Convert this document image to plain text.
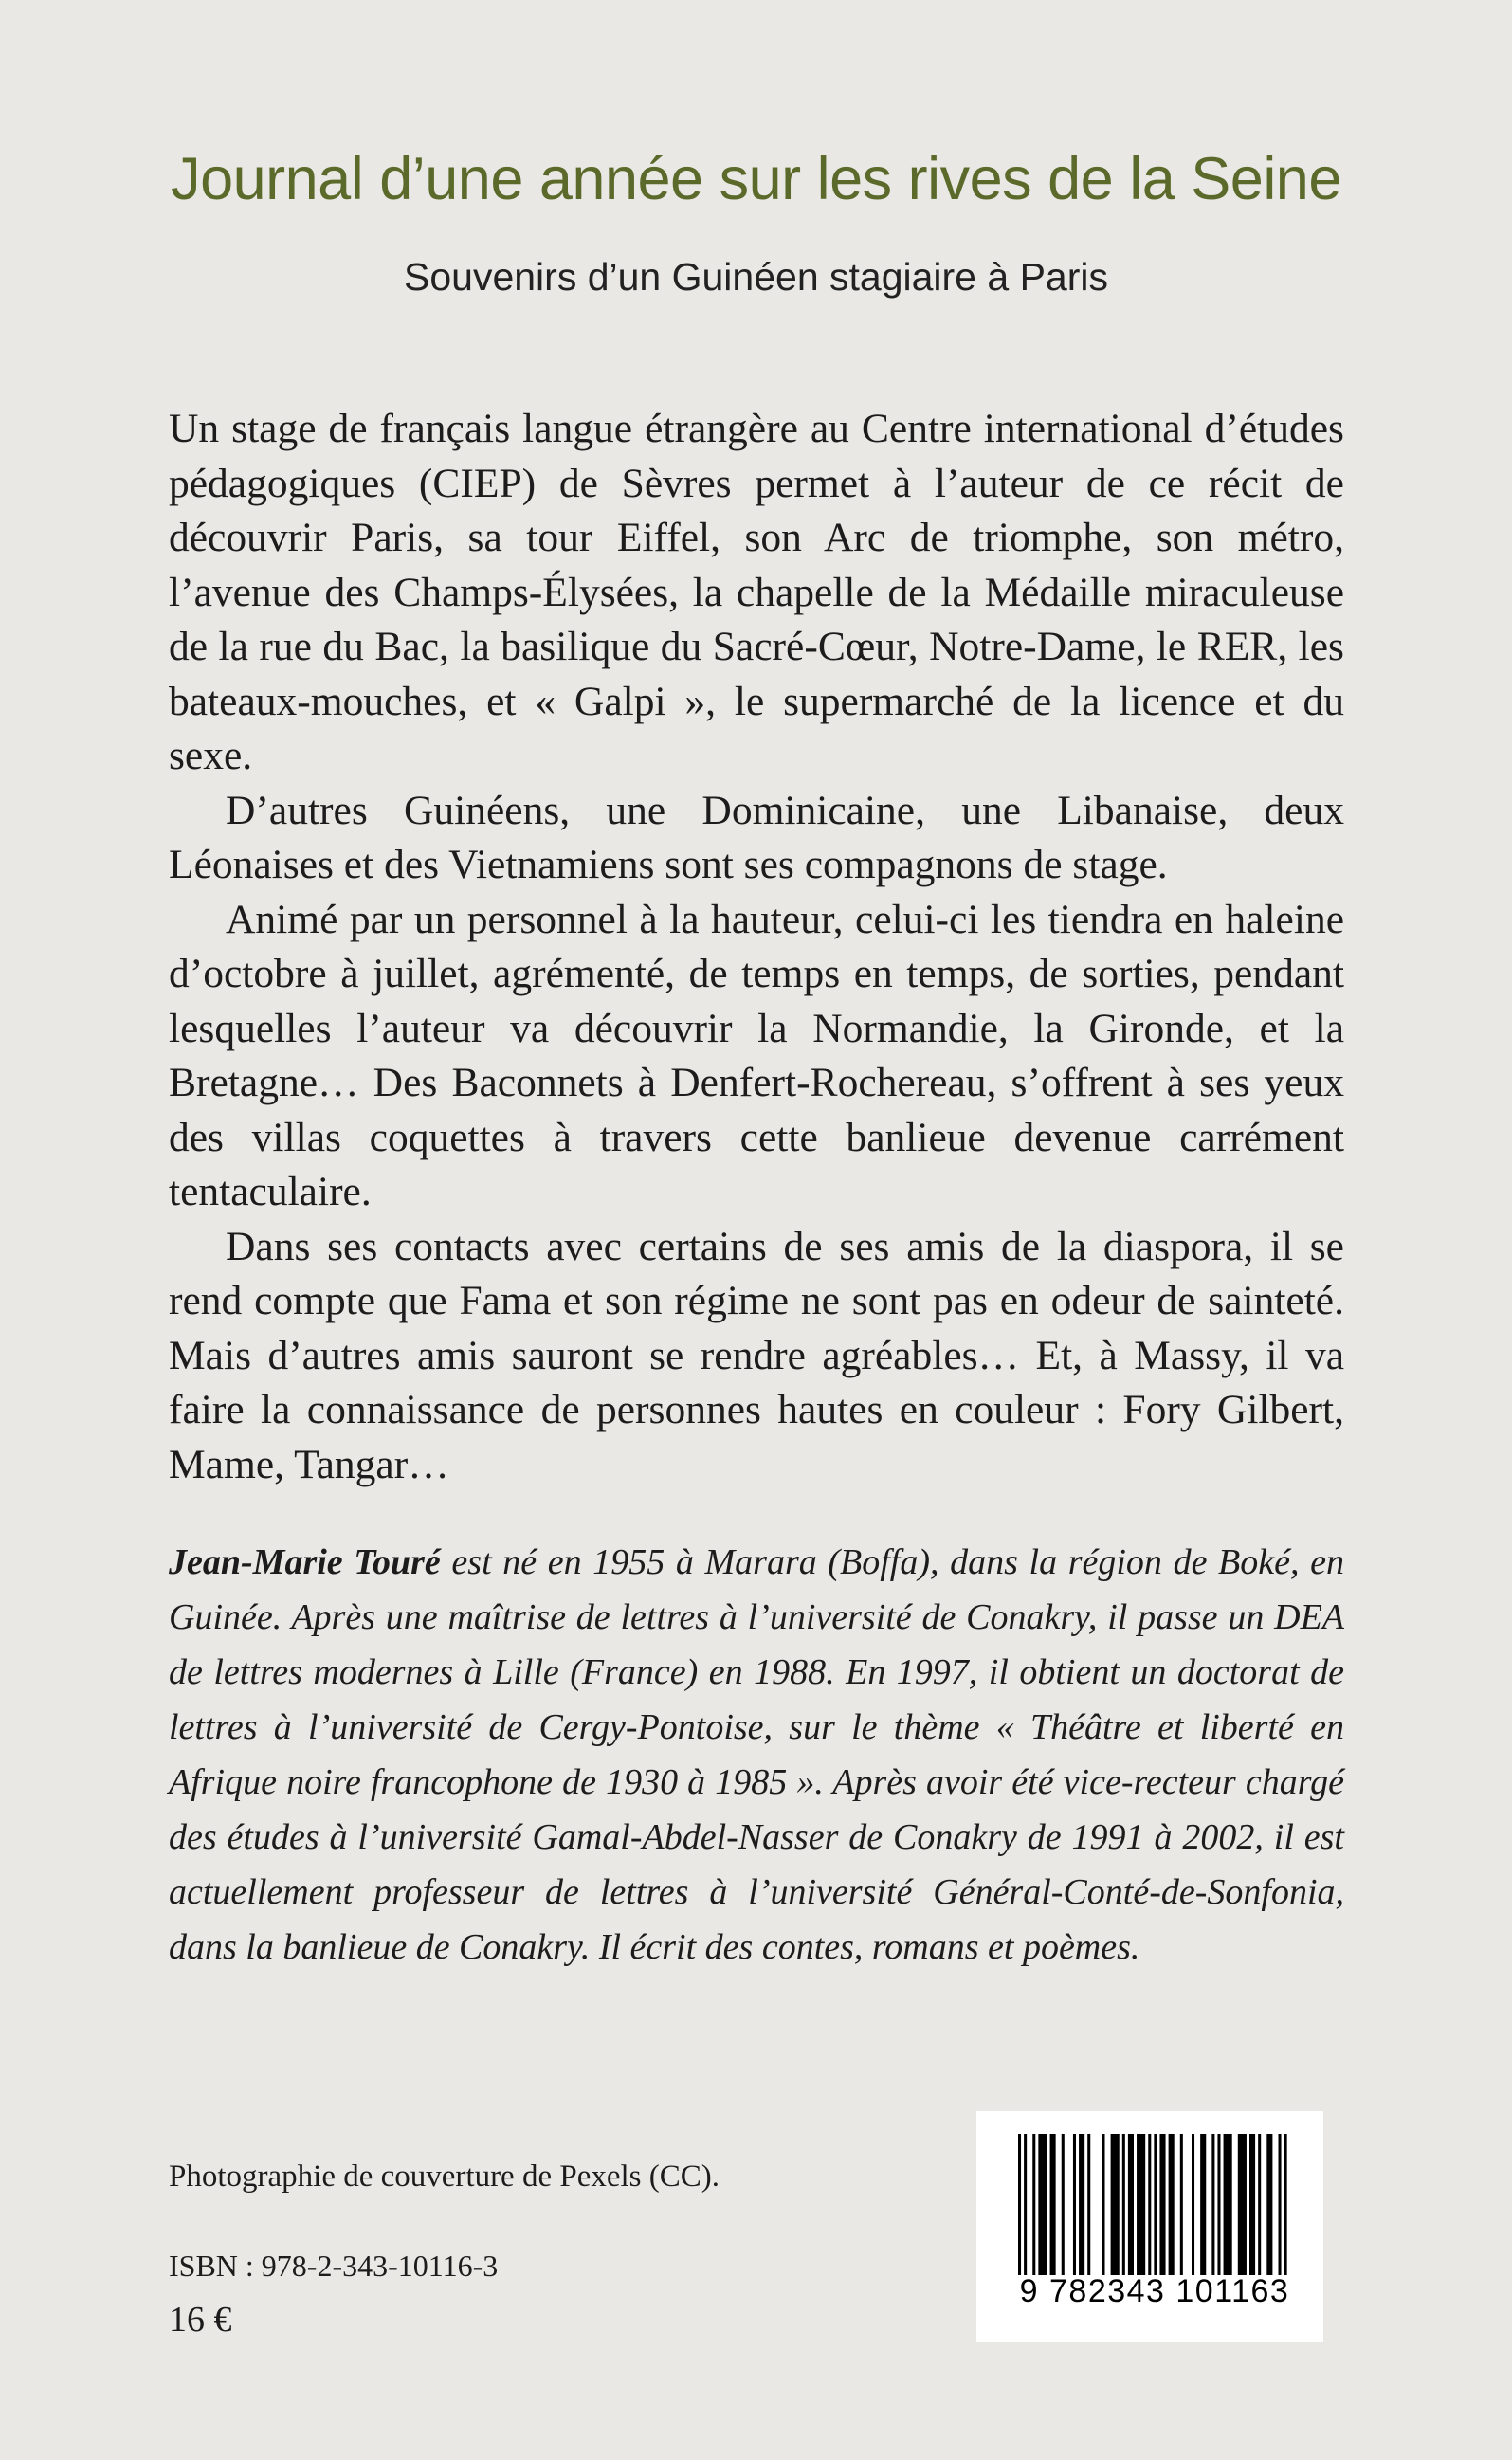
Journal d’une année sur les rives de la Seine
Souvenirs d’un Guinéen stagiaire à Paris

Un stage de français langue étrangère au Centre international d’études pédagogiques (CIEP) de Sèvres permet à l’auteur de ce récit de découvrir Paris, sa tour Eiffel, son Arc de triomphe, son métro, l’avenue des Champs-Élysées, la chapelle de la Médaille miraculeuse de la rue du Bac, la basilique du Sacré-Cœur, Notre-Dame, le RER, les bateaux-mouches, et « Galpi », le supermarché de la licence et du sexe.

D’autres Guinéens, une Dominicaine, une Libanaise, deux Léonaises et des Vietnamiens sont ses compagnons de stage.

Animé par un personnel à la hauteur, celui-ci les tiendra en haleine d’octobre à juillet, agrémenté, de temps en temps, de sorties, pendant lesquelles l’auteur va découvrir la Normandie, la Gironde, et la Bretagne… Des Baconnets à Denfert-Rochereau, s’offrent à ses yeux des villas coquettes à travers cette banlieue devenue carrément tentaculaire.

Dans ses contacts avec certains de ses amis de la diaspora, il se rend compte que Fama et son régime ne sont pas en odeur de sainteté. Mais d’autres amis sauront se rendre agréables… Et, à Massy, il va faire la connaissance de personnes hautes en couleur : Fory Gilbert, Mame, Tangar…

Jean-Marie Touré est né en 1955 à Marara (Boffa), dans la région de Boké, en Guinée. Après une maîtrise de lettres à l’université de Conakry, il passe un DEA de lettres modernes à Lille (France) en 1988. En 1997, il obtient un doctorat de lettres à l’université de Cergy-Pontoise, sur le thème « Théâtre et liberté en Afrique noire francophone de 1930 à 1985 ». Après avoir été vice-recteur chargé des études à l’université Gamal-Abdel-Nasser de Conakry de 1991 à 2002, il est actuellement professeur de lettres à l’université Général-Conté-de-Sonfonia, dans la banlieue de Conakry. Il écrit des contes, romans et poèmes.

Photographie de couverture de Pexels (CC).

ISBN : 978-2-343-10116-3

16 €

9 782343 101163
